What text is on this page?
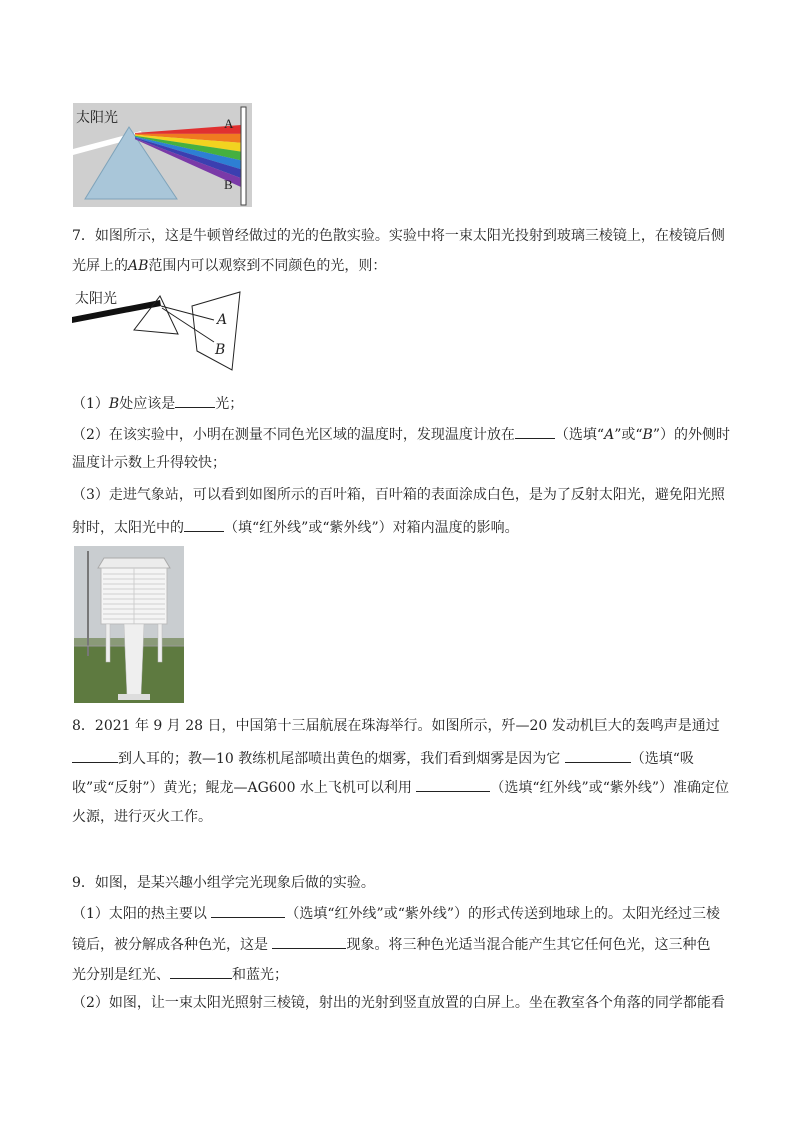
太阳光	A
B
7．如图所示，这是牛顿曾经做过的光的色散实验。实验中将一束太阳光投射到玻璃三棱镜上，在棱镜后侧
光屏上的AB范围内可以观察到不同颜色的光，则：
太阳光
A
B
（1）B处应该是	光；
（2）在该实验中，小明在测量不同色光区域的温度时，发现温度计放在	（选填“A”或“B”）的外侧时
温度计示数上升得较快；
（3）走进气象站，可以看到如图所示的百叶箱，百叶箱的表面涂成白色，是为了反射太阳光，避免阳光照
射时，太阳光中的	（填“红外线”或“紫外线”）对箱内温度的影响。
8．2021 年 9 月 28 日，中国第十三届航展在珠海举行。如图所示，歼—20 发动机巨大的轰鸣声是通过
到人耳的；教—10 教练机尾部喷出黄色的烟雾，我们看到烟雾是因为它	（选填“吸
收”或“反射”）黄光；鲲龙—AG600 水上飞机可以利用	（选填“红外线”或“紫外线”）准确定位
火源，进行灭火工作。
9．如图，是某兴趣小组学完光现象后做的实验。
（1）太阳的热主要以	（选填“红外线”或“紫外线”）的形式传送到地球上的。太阳光经过三棱
镜后，被分解成各种色光，这是	现象。将三种色光适当混合能产生其它任何色光，这三种色
光分别是红光、	和蓝光；
（2）如图，让一束太阳光照射三棱镜，射出的光射到竖直放置的白屏上。坐在教室各个角落的同学都能看
